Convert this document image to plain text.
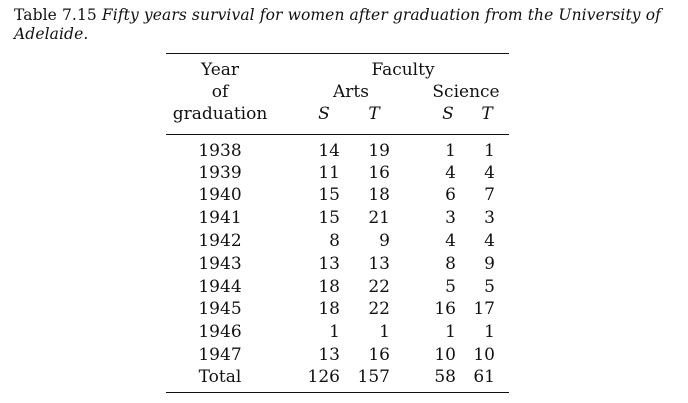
Table 7.15 Fifty years survival for women after graduation from the University of
Adelaide.
Year
of
graduation
Faculty
Arts	Science
S T	S T
1938	14 19	1 1
1939	11 16	4 4
1940	15 18	6 7
1941	15 21	3 3
1942	8 9	4 4
1943	13 13	8 9
1944	18 22	5 5
1945	18 22	16 17
1946	1 1	1 1
1947	13 16	10 10
Total	126 157	58 61
